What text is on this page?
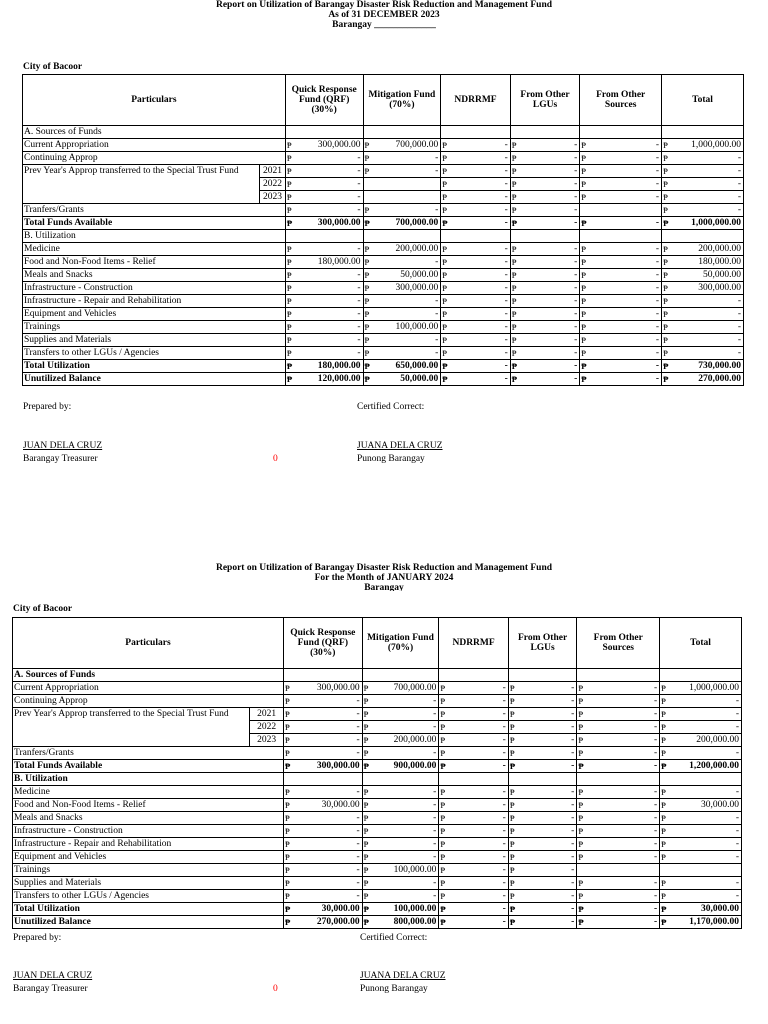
Report on Utilization of Barangay Disaster Risk Reduction and Management Fund
As of 31 DECEMBER 2023
Barangay _____________
City of Bacoor
Particulars		Quick Response Fund (QRF) (30%)		Mitigation Fund (70%)		NDRRMF		From Other LGUs		From Other Sources		Total	
A. Sources of Funds													
Current Appropriation		₱	300,000.00	₱	700,000.00	₱	-	₱	-	₱	-	₱	1,000,000.00
Continuing Approp		₱	-	₱	-	₱	-	₱	-	₱	-	₱	-
Prev Year's Approp transferred to the Special Trust Fund	2021	₱	-	₱	-	₱	-	₱	-	₱	-	₱	-
	2022	₱	-			₱	-	₱	-	₱	-	₱	-
	2023	₱	-			₱	-	₱	-	₱	-	₱	-
Tranfers/Grants		₱	-	₱	-	₱	-	₱	-			₱	-
Total Funds Available		₱	300,000.00	₱	700,000.00	₱	-	₱	-	₱	-	₱	1,000,000.00
B. Utilization													
Medicine		₱	-	₱	200,000.00	₱	-	₱	-	₱	-	₱	200,000.00
Food and Non-Food Items - Relief		₱	180,000.00	₱	-	₱	-	₱	-	₱	-	₱	180,000.00
Meals and Snacks		₱	-	₱	50,000.00	₱	-	₱	-	₱	-	₱	50,000.00
Infrastructure - Construction		₱	-	₱	300,000.00	₱	-	₱	-	₱	-	₱	300,000.00
Infrastructure - Repair and Rehabilitation		₱	-	₱	-	₱	-	₱	-	₱	-	₱	-
Equipment and Vehicles		₱	-	₱	-	₱	-	₱	-	₱	-	₱	-
Trainings		₱	-	₱	100,000.00	₱	-	₱	-	₱	-	₱	-
Supplies and Materials		₱	-	₱	-	₱	-	₱	-	₱	-	₱	-
Transfers to other LGUs / Agencies		₱	-	₱	-	₱	-	₱	-	₱	-	₱	-
Total Utilization		₱	180,000.00	₱	650,000.00	₱	-	₱	-	₱	-	₱	730,000.00
Unutilized Balance		₱	120,000.00	₱	50,000.00	₱	-	₱	-	₱	-	₱	270,000.00
Prepared by:	Certified Correct:
JUAN DELA CRUZ
Barangay Treasurer	0
JUANA DELA CRUZ
Punong Barangay
Report on Utilization of Barangay Disaster Risk Reduction and Management Fund
For the Month of JANUARY 2024
Barangay
City of Bacoor
Particulars		Quick Response Fund (QRF) (30%)		Mitigation Fund (70%)		NDRRMF		From Other LGUs		From Other Sources		Total	
A. Sources of Funds													
Current Appropriation		₱	300,000.00	₱	700,000.00	₱	-	₱	-	₱	-	₱	1,000,000.00
Continuing Approp		₱	-	₱	-	₱	-	₱	-	₱	-	₱	-
Prev Year's Approp transferred to the Special Trust Fund	2021	₱	-	₱	-	₱	-	₱	-	₱	-	₱	-
	2022	₱	-	₱	-	₱	-	₱	-	₱	-	₱	-
	2023	₱	-	₱	200,000.00	₱	-	₱	-	₱	-	₱	200,000.00
Tranfers/Grants		₱	-	₱	-	₱	-	₱	-	₱	-	₱	-
Total Funds Available		₱	300,000.00	₱	900,000.00	₱	-	₱	-	₱	-	₱	1,200,000.00
B. Utilization													
Medicine		₱	-	₱	-	₱	-	₱	-	₱	-	₱	-
Food and Non-Food Items - Relief		₱	30,000.00	₱	-	₱	-	₱	-	₱	-	₱	30,000.00
Meals and Snacks		₱	-	₱	-	₱	-	₱	-	₱	-	₱	-
Infrastructure - Construction		₱	-	₱	-	₱	-	₱	-	₱	-	₱	-
Infrastructure - Repair and Rehabilitation		₱	-	₱	-	₱	-	₱	-	₱	-	₱	-
Equipment and Vehicles		₱	-	₱	-	₱	-	₱	-	₱	-	₱	-
Trainings		₱	-	₱	100,000.00	₱	-	₱	-				
Supplies and Materials		₱	-	₱	-	₱	-	₱	-	₱	-	₱	-
Transfers to other LGUs / Agencies		₱	-	₱	-	₱	-	₱	-	₱	-	₱	-
Total Utilization		₱	30,000.00	₱	100,000.00	₱	-	₱	-	₱	-	₱	30,000.00
Unutilized Balance		₱	270,000.00	₱	800,000.00	₱	-	₱	-	₱	-	₱	1,170,000.00
Prepared by:	Certified Correct:
JUAN DELA CRUZ
Barangay Treasurer	0
JUANA DELA CRUZ
Punong Barangay
